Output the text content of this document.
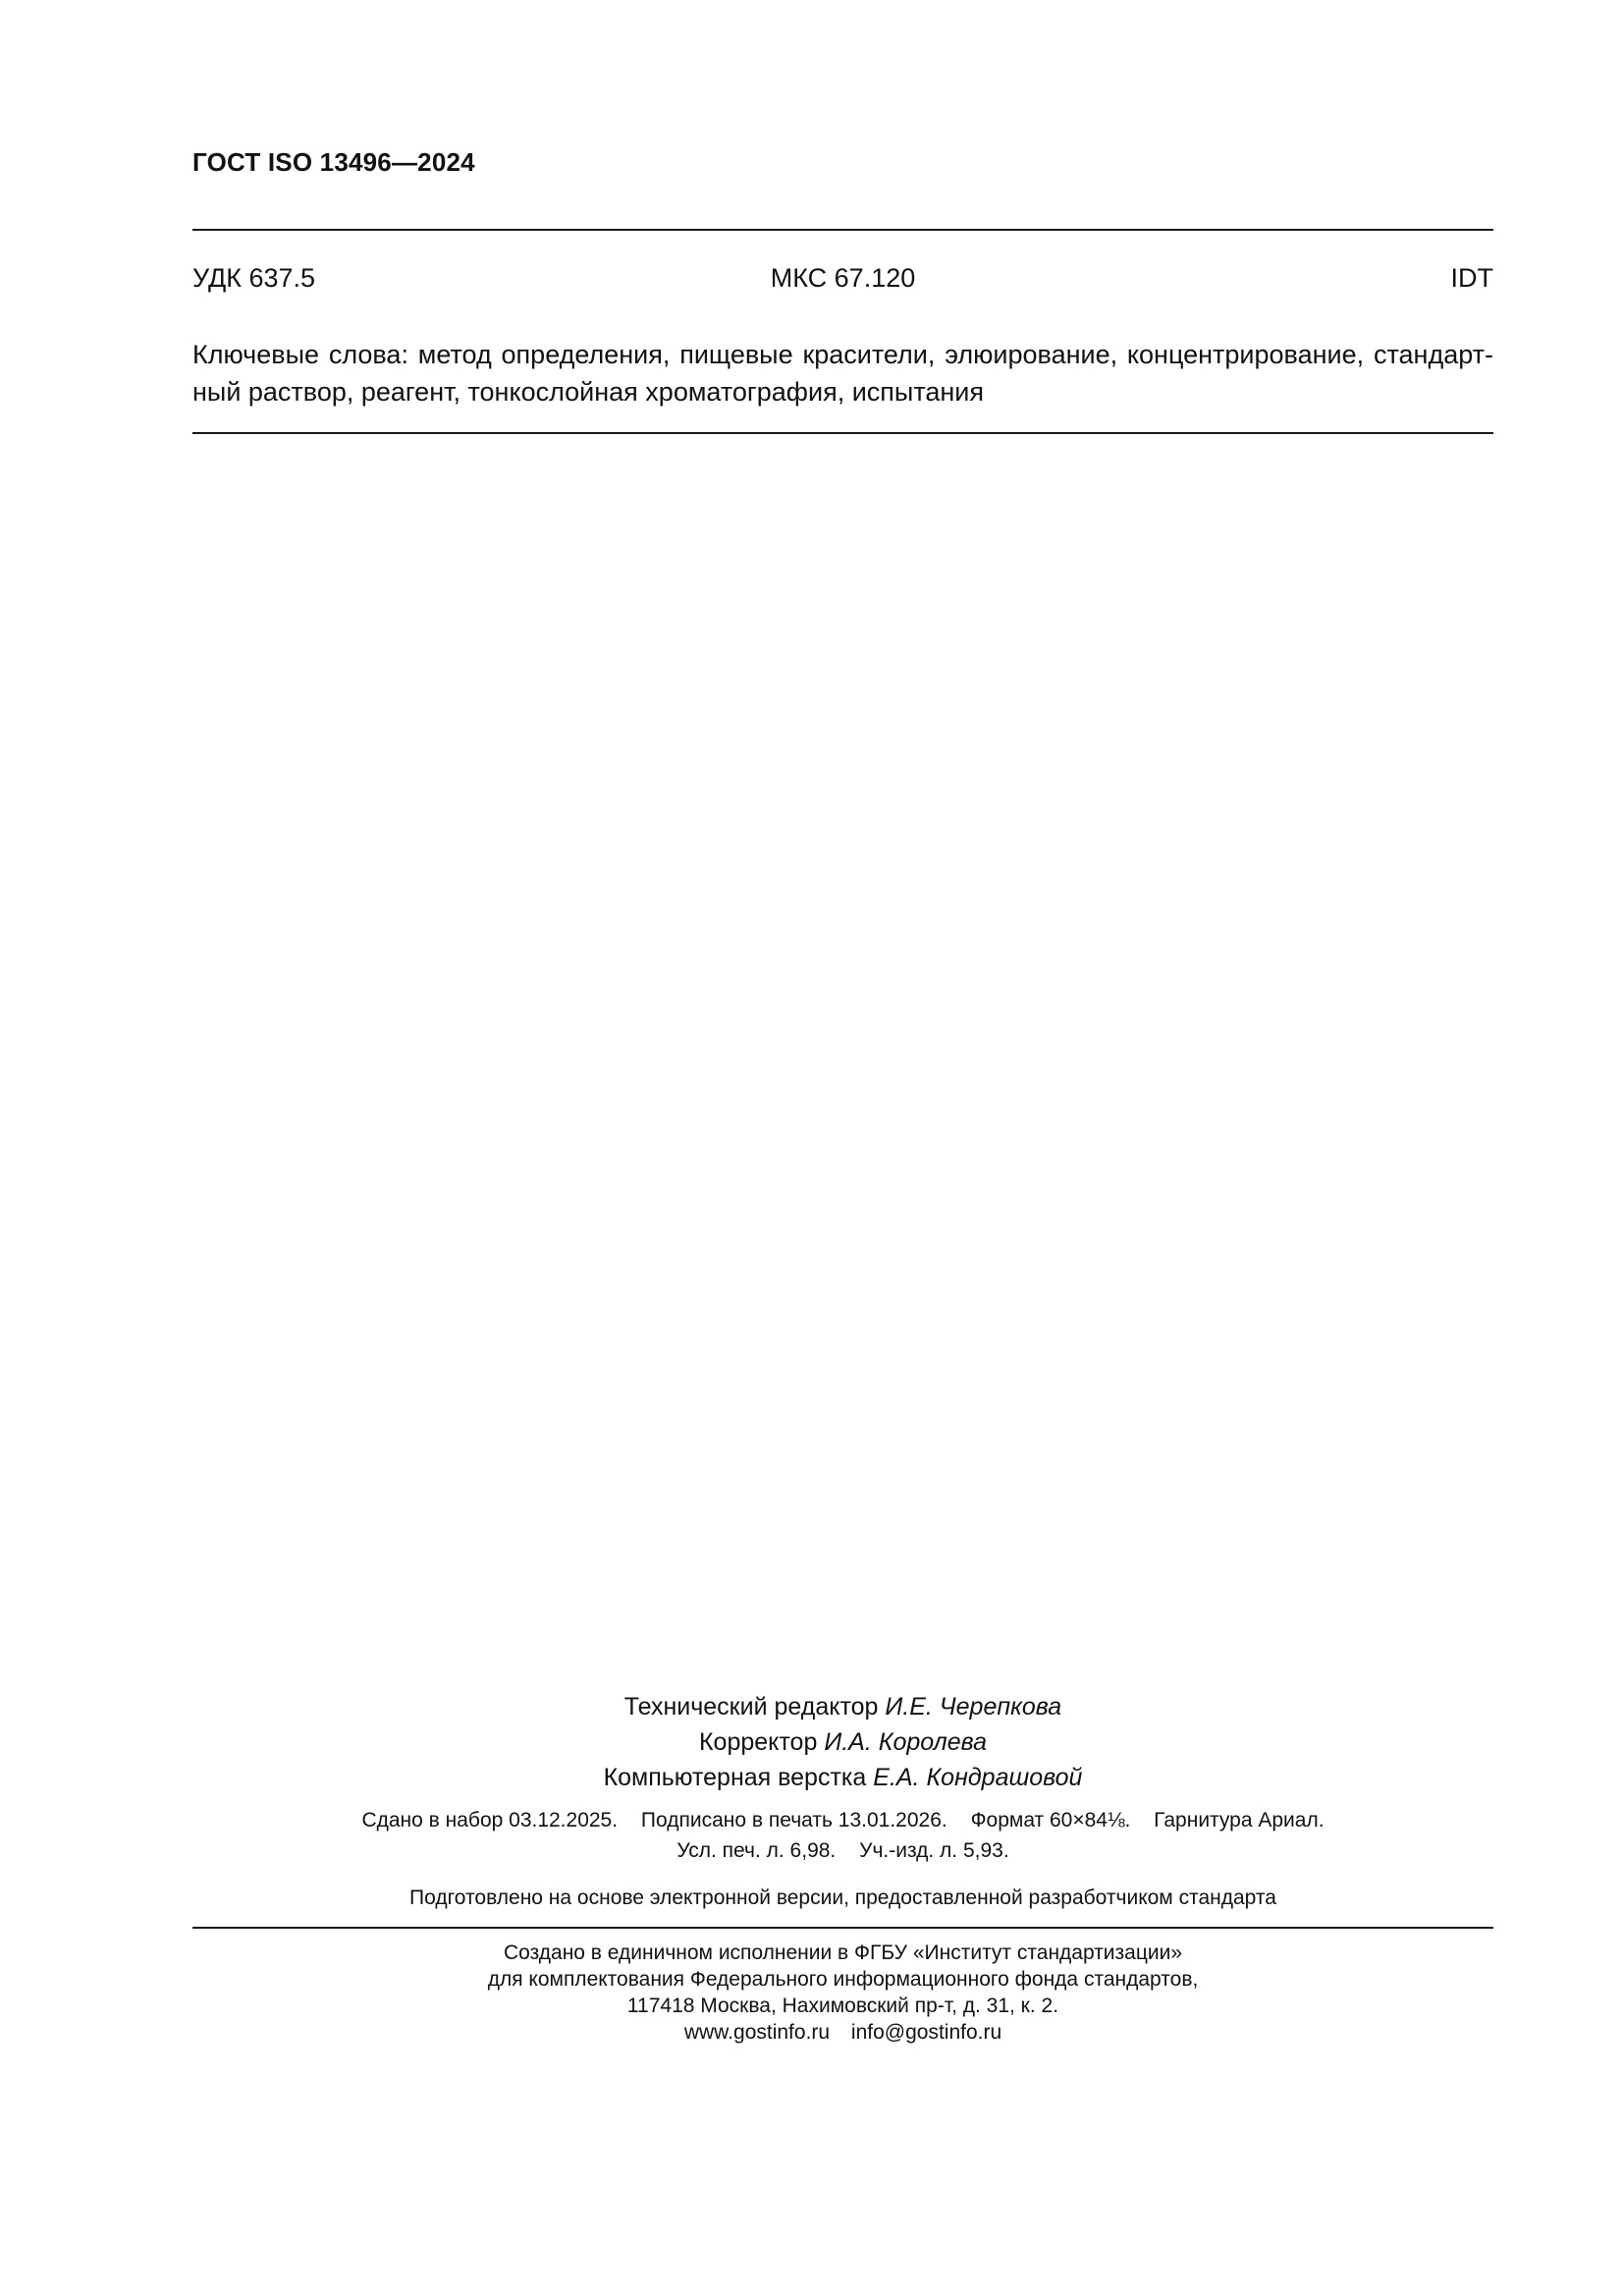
ГОСТ ISO 13496—2024
УДК 637.5	МКС 67.120	IDT
Ключевые слова: метод определения, пищевые красители, элюирование, концентрирование, стандарт-
ный раствор, реагент, тонкослойная хроматография, испытания
Технический редактор И.Е. Черепкова
Корректор И.А. Королева
Компьютерная верстка Е.А. Кондрашовой
Сдано в набор 03.12.2025. Подписано в печать 13.01.2026. Формат 60×84⅛. Гарнитура Ариал.
Усл. печ. л. 6,98. Уч.-изд. л. 5,93.
Подготовлено на основе электронной версии, предоставленной разработчиком стандарта
Создано в единичном исполнении в ФГБУ «Институт стандартизации»
для комплектования Федерального информационного фонда стандартов,
117418 Москва, Нахимовский пр-т, д. 31, к. 2.
www.gostinfo.ru info@gostinfo.ru
